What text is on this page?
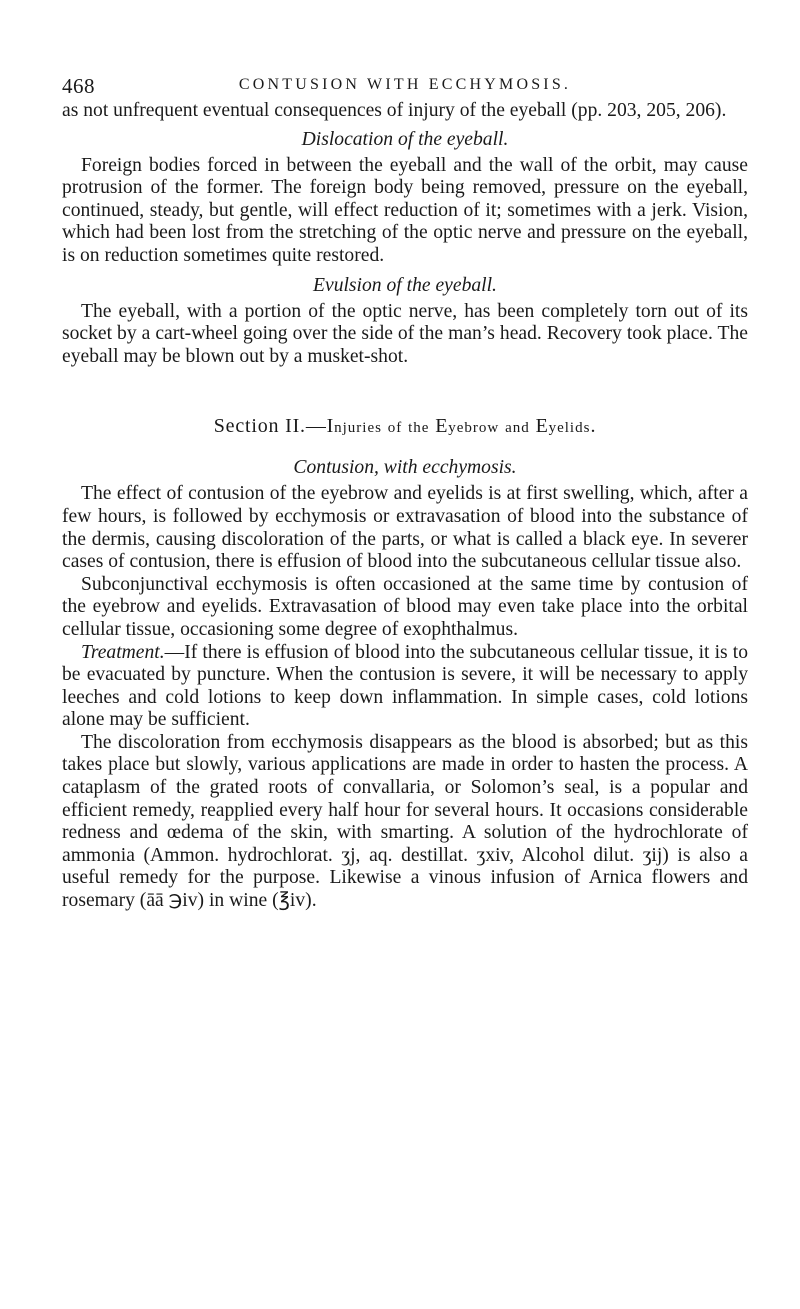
468	CONTUSION WITH ECCHYMOSIS.

as not unfrequent eventual consequences of injury of the eyeball (pp. 203, 205, 206).

Dislocation of the eyeball.

Foreign bodies forced in between the eyeball and the wall of the orbit, may cause protrusion of the former. The foreign body being removed, pressure on the eyeball, continued, steady, but gentle, will effect reduction of it; sometimes with a jerk. Vision, which had been lost from the stretching of the optic nerve and pressure on the eyeball, is on reduction sometimes quite restored.

Evulsion of the eyeball.

The eyeball, with a portion of the optic nerve, has been completely torn out of its socket by a cart-wheel going over the side of the man’s head. Recovery took place. The eyeball may be blown out by a musket-shot.

Section II.—Injuries of the Eyebrow and Eyelids.
Contusion, with ecchymosis.

The effect of contusion of the eyebrow and eyelids is at first swelling, which, after a few hours, is followed by ecchymosis or extravasation of blood into the substance of the dermis, causing discoloration of the parts, or what is called a black eye. In severer cases of contusion, there is effusion of blood into the subcutaneous cellular tissue also.

Subconjunctival ecchymosis is often occasioned at the same time by contusion of the eyebrow and eyelids. Extravasation of blood may even take place into the orbital cellular tissue, occasioning some degree of exophthalmus.

Treatment.—If there is effusion of blood into the subcutaneous cellular tissue, it is to be evacuated by puncture. When the contusion is severe, it will be necessary to apply leeches and cold lotions to keep down inflammation. In simple cases, cold lotions alone may be sufficient.

The discoloration from ecchymosis disappears as the blood is absorbed; but as this takes place but slowly, various applications are made in order to hasten the process. A cataplasm of the grated roots of convallaria, or Solomon’s seal, is a popular and efficient remedy, reapplied every half hour for several hours. It occasions considerable redness and œdema of the skin, with smarting. A solution of the hydrochlorate of ammonia (Ammon. hydrochlorat. ʒj, aq. destillat. ʒxiv, Alcohol dilut. ʒij) is also a useful remedy for the purpose. Likewise a vinous infusion of Arnica flowers and rosemary (āā ℈iv) in wine (℥iv).
